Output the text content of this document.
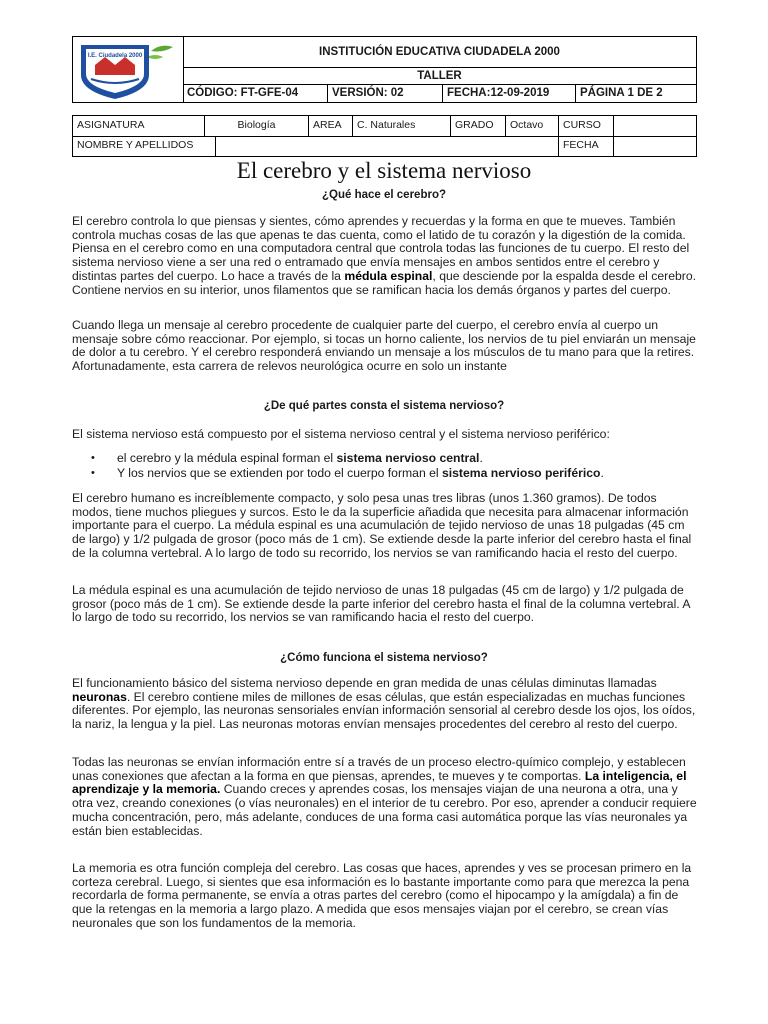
I.E. Ciudadela 2000	INSTITUCIÓN EDUCATIVA CIUDADELA 2000
TALLER
CÓDIGO: FT-GFE-04	VERSIÓN: 02	FECHA:12-09-2019	PÁGINA 1 DE 2
ASIGNATURA	Biología	AREA	C. Naturales	GRADO	Octavo	CURSO
NOMBRE Y APELLIDOS	FECHA
El cerebro y el sistema nervioso
¿Qué hace el cerebro?
El cerebro controla lo que piensas y sientes, cómo aprendes y recuerdas y la forma en que te mueves. También controla muchas cosas de las que apenas te das cuenta, como el latido de tu corazón y la digestión de la comida. Piensa en el cerebro como en una computadora central que controla todas las funciones de tu cuerpo. El resto del sistema nervioso viene a ser una red o entramado que envía mensajes en ambos sentidos entre el cerebro y distintas partes del cuerpo. Lo hace a través de la médula espinal, que desciende por la espalda desde el cerebro. Contiene nervios en su interior, unos filamentos que se ramifican hacia los demás órganos y partes del cuerpo.
Cuando llega un mensaje al cerebro procedente de cualquier parte del cuerpo, el cerebro envía al cuerpo un mensaje sobre cómo reaccionar. Por ejemplo, si tocas un horno caliente, los nervios de tu piel enviarán un mensaje de dolor a tu cerebro. Y el cerebro responderá enviando un mensaje a los músculos de tu mano para que la retires. Afortunadamente, esta carrera de relevos neurológica ocurre en solo un instante
¿De qué partes consta el sistema nervioso?
El sistema nervioso está compuesto por el sistema nervioso central y el sistema nervioso periférico:
• el cerebro y la médula espinal forman el sistema nervioso central.
• Y los nervios que se extienden por todo el cuerpo forman el sistema nervioso periférico.
El cerebro humano es increíblemente compacto, y solo pesa unas tres libras (unos 1.360 gramos). De todos modos, tiene muchos pliegues y surcos. Esto le da la superficie añadida que necesita para almacenar información importante para el cuerpo. La médula espinal es una acumulación de tejido nervioso de unas 18 pulgadas (45 cm de largo) y 1/2 pulgada de grosor (poco más de 1 cm). Se extiende desde la parte inferior del cerebro hasta el final de la columna vertebral. A lo largo de todo su recorrido, los nervios se van ramificando hacia el resto del cuerpo.
La médula espinal es una acumulación de tejido nervioso de unas 18 pulgadas (45 cm de largo) y 1/2 pulgada de grosor (poco más de 1 cm). Se extiende desde la parte inferior del cerebro hasta el final de la columna vertebral. A lo largo de todo su recorrido, los nervios se van ramificando hacia el resto del cuerpo.
¿Cómo funciona el sistema nervioso?
El funcionamiento básico del sistema nervioso depende en gran medida de unas células diminutas llamadas neuronas. El cerebro contiene miles de millones de esas células, que están especializadas en muchas funciones diferentes. Por ejemplo, las neuronas sensoriales envían información sensorial al cerebro desde los ojos, los oídos, la nariz, la lengua y la piel. Las neuronas motoras envían mensajes procedentes del cerebro al resto del cuerpo.
Todas las neuronas se envían información entre sí a través de un proceso electro-químico complejo, y establecen unas conexiones que afectan a la forma en que piensas, aprendes, te mueves y te comportas. La inteligencia, el aprendizaje y la memoria. Cuando creces y aprendes cosas, los mensajes viajan de una neurona a otra, una y otra vez, creando conexiones (o vías neuronales) en el interior de tu cerebro. Por eso, aprender a conducir requiere mucha concentración, pero, más adelante, conduces de una forma casi automática porque las vías neuronales ya están bien establecidas.
La memoria es otra función compleja del cerebro. Las cosas que haces, aprendes y ves se procesan primero en la corteza cerebral. Luego, si sientes que esa información es lo bastante importante como para que merezca la pena recordarla de forma permanente, se envía a otras partes del cerebro (como el hipocampo y la amígdala) a fin de que la retengas en la memoria a largo plazo. A medida que esos mensajes viajan por el cerebro, se crean vías neuronales que son los fundamentos de la memoria.
